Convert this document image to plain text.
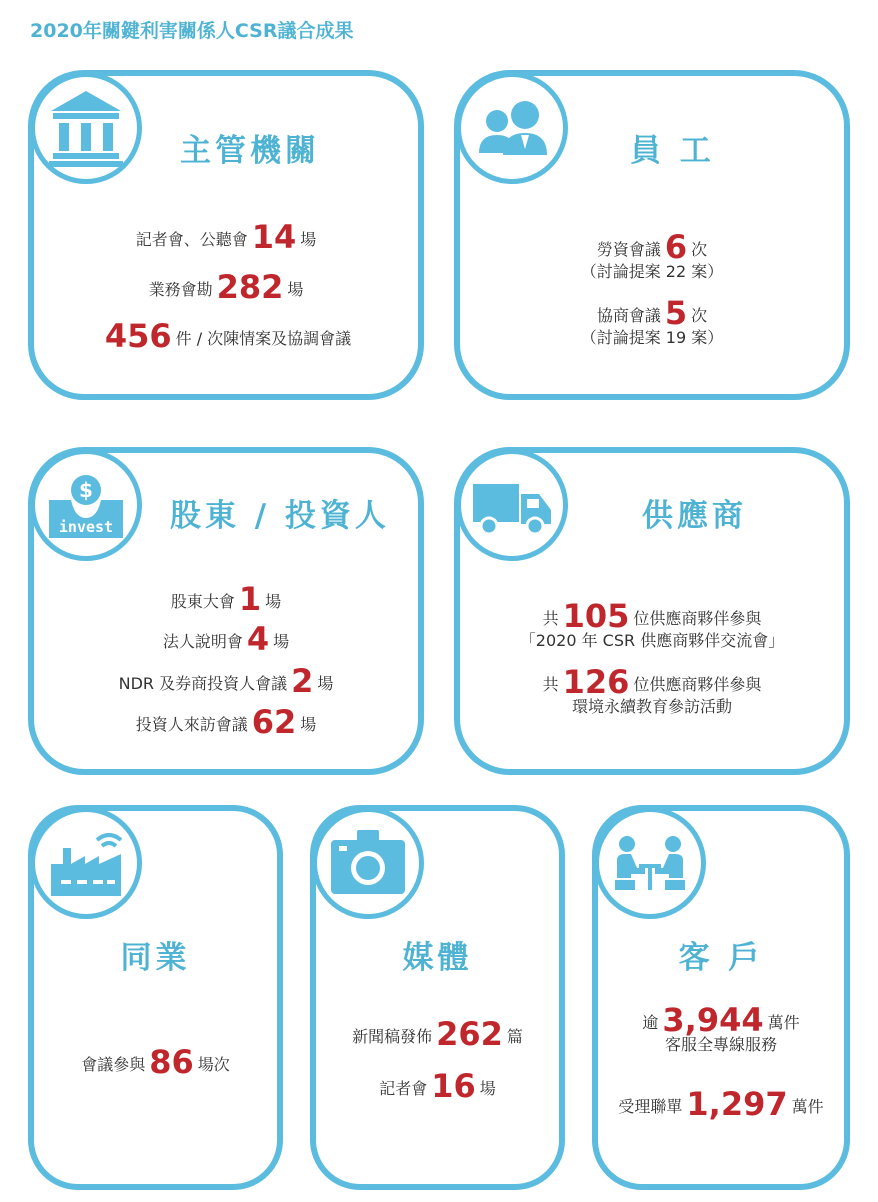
2020年關鍵利害關係人CSR議合成果
主管機關
記者會、公聽會 14 場
業務會勘 282 場
456 件 / 次陳情案及協調會議
員 工
勞資會議 6 次
（討論提案 22 案）
協商會議 5 次
（討論提案 19 案）
$
invest 股東 / 投資人
股東大會 1 場
法人說明會 4 場
NDR 及券商投資人會議 2 場
投資人來訪會議 62 場
供應商
共 105 位供應商夥伴參與
「2020 年 CSR 供應商夥伴交流會」
共 126 位供應商夥伴參與
環境永續教育參訪活動
同業
會議參與 86 場次
媒體
新聞稿發佈 262 篇
記者會 16 場
客 戶
逾 3,944 萬件
客服全專線服務
受理聯單 1,297 萬件
